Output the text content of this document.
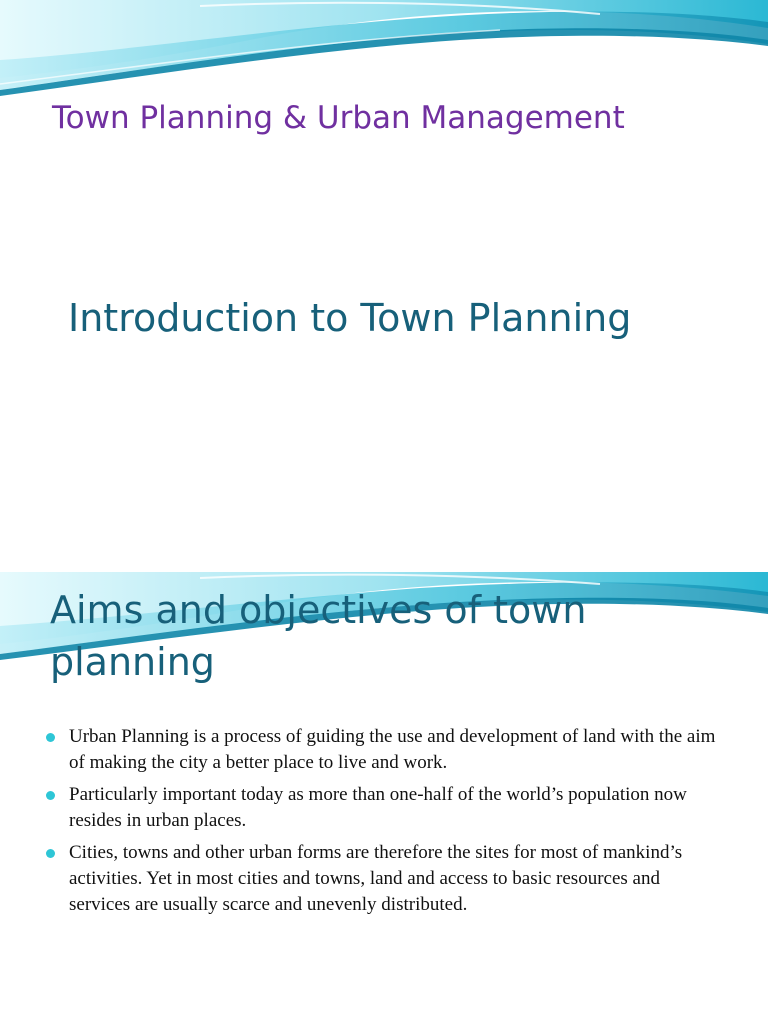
Town Planning & Urban Management
Introduction to Town Planning
Aims and objectives of town planning
Urban Planning is a process of guiding the use and development of land with the aim of making the city a better place to live and work.
Particularly important today as more than one-half of the world’s population now resides in urban places.
Cities, towns and other urban forms are therefore the sites for most of mankind’s activities. Yet in most cities and towns, land and access to basic resources and services are usually scarce and unevenly distributed.
